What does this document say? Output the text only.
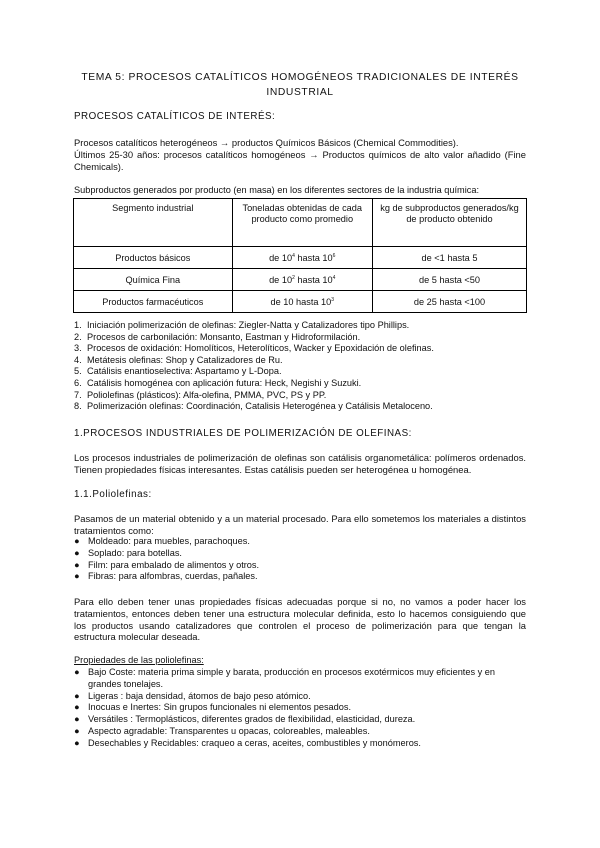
TEMA 5: PROCESOS CATALÍTICOS HOMOGÉNEOS TRADICIONALES DE INTERÉS
INDUSTRIAL
PROCESOS CATALÍTICOS DE INTERÉS:

Procesos catalíticos heterogéneos → productos Químicos Básicos (Chemical Commodities).

Últimos 25-30 años: procesos catalíticos homogéneos → Productos químicos de alto valor añadido (Fine Chemicals).

Subproductos generados por producto (en masa) en los diferentes sectores de la industria química:
Segmento industrial	Toneladas obtenidas de cada producto como promedio	kg de subproductos generados/kg de producto obtenido
Productos básicos	de $10^4$ hasta $10^6$	de <1 hasta 5
Química Fina	de $10^2$ hasta $10^4$	de 5 hasta <50
Productos farmacéuticos	de 10 hasta $10^3$	de 25 hasta <100
1. Iniciación polimerización de olefinas: Ziegler-Natta y Catalizadores tipo Phillips.
2. Procesos de carbonilación: Monsanto, Eastman y Hidroformilación.
3. Procesos de oxidación: Homolíticos, Heterolíticos, Wacker y Epoxidación de olefinas.
4. Metátesis olefinas: Shop y Catalizadores de Ru.
5. Catálisis enantioselectiva: Aspartamo y L-Dopa.
6. Catálisis homogénea con aplicación futura: Heck, Negishi y Suzuki.
7. Poliolefinas (plásticos): Alfa-olefina, PMMA, PVC, PS y PP.
8. Polimerización olefinas: Coordinación, Catalisis Heterogénea y Catálisis Metaloceno.
1.PROCESOS INDUSTRIALES DE POLIMERIZACIÓN DE OLEFINAS:
Los procesos industriales de polimerización de olefinas son catálisis organometálica: polímeros ordenados. Tienen propiedades físicas interesantes. Estas catálisis pueden ser heterogénea u homogénea.
1.1.Poliolefinas:
Pasamos de un material obtenido y a un material procesado. Para ello sometemos los materiales a distintos tratamientos como:
● Moldeado: para muebles, parachoques.
● Soplado: para botellas.
● Film: para embalado de alimentos y otros.
● Fibras: para alfombras, cuerdas, pañales.
Para ello deben tener unas propiedades físicas adecuadas porque si no, no vamos a poder hacer los tratamientos, entonces deben tener una estructura molecular definida, esto lo hacemos consiguiendo que los productos usando catalizadores que controlen el proceso de polimerización para que tengan la estructura molecular deseada.
Propiedades de las poliolefinas:
● Bajo Coste: materia prima simple y barata, producción en procesos exotérmicos muy eficientes y en grandes tonelajes.
● Ligeras : baja densidad, átomos de bajo peso atómico.
● Inocuas e Inertes: Sin grupos funcionales ni elementos pesados.
● Versátiles : Termoplásticos, diferentes grados de flexibilidad, elasticidad, dureza.
● Aspecto agradable: Transparentes u opacas, coloreables, maleables.
● Desechables y Recidables: craqueo a ceras, aceites, combustibles y monómeros.
